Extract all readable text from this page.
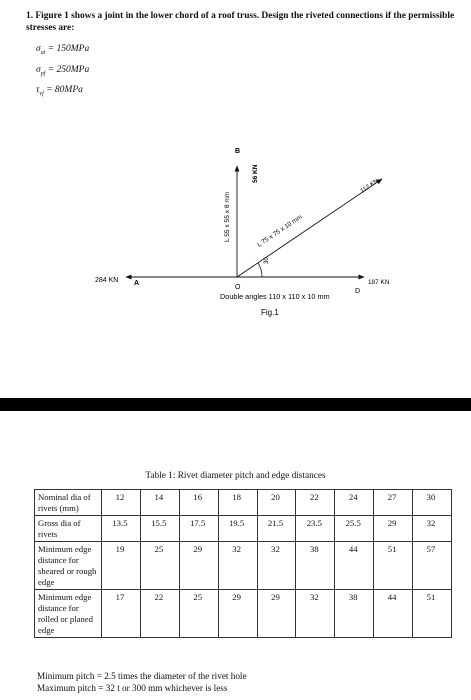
1. Figure 1 shows a joint in the lower chord of a roof truss. Design the riveted connections if the permissible stresses are:
$\sigma_{at} = 150MPa$
$\sigma_{pf} = 250MPa$
$\tau_{vf} = 80MPa$
B
56 KN
L 55 x 55 x 8 mm	L 75 x 75 x 10 mm
30
112 KN
284 KN A
O
D
187 KN
Double angles 110 x 110 x 10 mm
Fig.1
Table 1: Rivet diameter pitch and edge distances
Nominal dia of rivets (mm)	12	14	16	18	20	22	24	27	30
Gross dia of rivets	13.5	15.5	17.5	19.5	21.5	23.5	25.5	29	32
Minimum edge distance for sheared or rough edge	19	25	29	32	32	38	44	51	57
Minimum edge distance for rolled or planed edge	17	22	25	29	29	32	38	44	51
Minimum pitch = 2.5 times the diameter of the rivet hole
Maximum pitch = 32 t or 300 mm whichever is less
